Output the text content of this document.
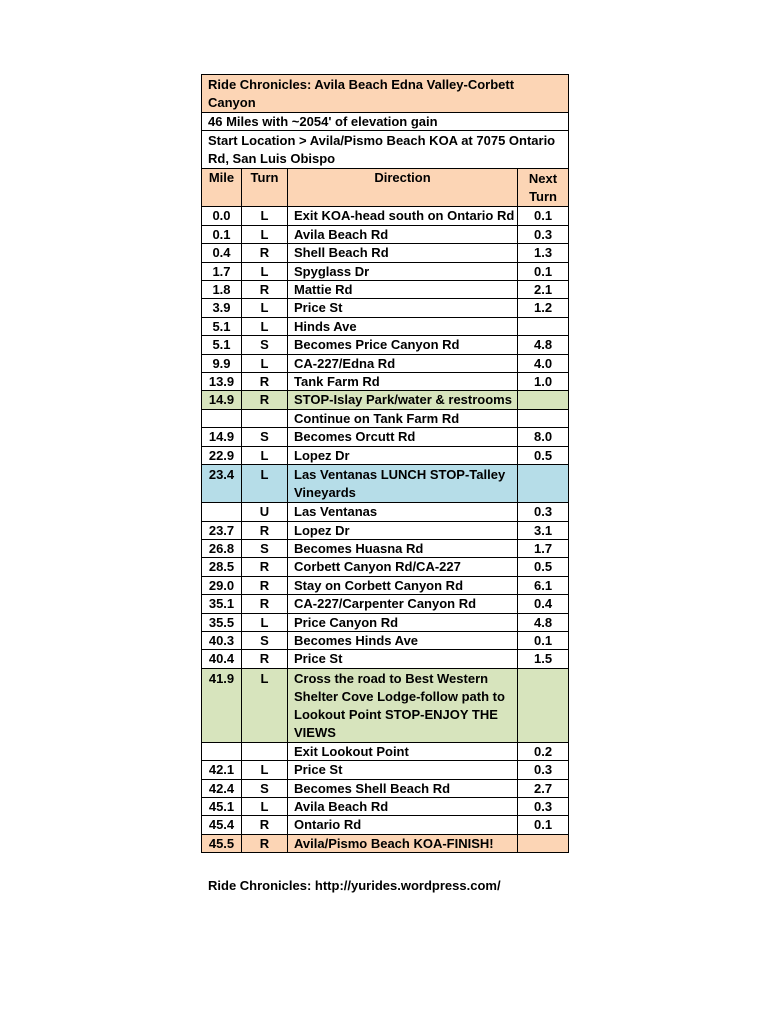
Ride Chronicles: Avila Beach Edna Valley-Corbett Canyon			
46 Miles with ~2054' of elevation gain			
Start Location > Avila/Pismo Beach KOA at 7075 Ontario Rd, San Luis Obispo			
Mile	Turn	Direction	Next Turn
0.0	L	Exit KOA-head south on Ontario Rd	0.1
0.1	L	Avila Beach Rd	0.3
0.4	R	Shell Beach Rd	1.3
1.7	L	Spyglass Dr	0.1
1.8	R	Mattie Rd	2.1
3.9	L	Price St	1.2
5.1	L	Hinds Ave	
5.1	S	Becomes Price Canyon Rd	4.8
9.9	L	CA-227/Edna Rd	4.0
13.9	R	Tank Farm Rd	1.0
14.9	R	STOP-Islay Park/water & restrooms	
		Continue on Tank Farm Rd	
14.9	S	Becomes Orcutt Rd	8.0
22.9	L	Lopez Dr	0.5
23.4	L	Las Ventanas LUNCH STOP-Talley Vineyards	
	U	Las Ventanas	0.3
23.7	R	Lopez Dr	3.1
26.8	S	Becomes Huasna Rd	1.7
28.5	R	Corbett Canyon Rd/CA-227	0.5
29.0	R	Stay on Corbett Canyon Rd	6.1
35.1	R	CA-227/Carpenter Canyon Rd	0.4
35.5	L	Price Canyon Rd	4.8
40.3	S	Becomes Hinds Ave	0.1
40.4	R	Price St	1.5
41.9	L	Cross the road to Best Western Shelter Cove Lodge-follow path to Lookout Point STOP-ENJOY THE VIEWS	
		Exit Lookout Point	0.2
42.1	L	Price St	0.3
42.4	S	Becomes Shell Beach Rd	2.7
45.1	L	Avila Beach Rd	0.3
45.4	R	Ontario Rd	0.1
45.5	R	Avila/Pismo Beach KOA-FINISH!	
Ride Chronicles: http://yurides.wordpress.com/
